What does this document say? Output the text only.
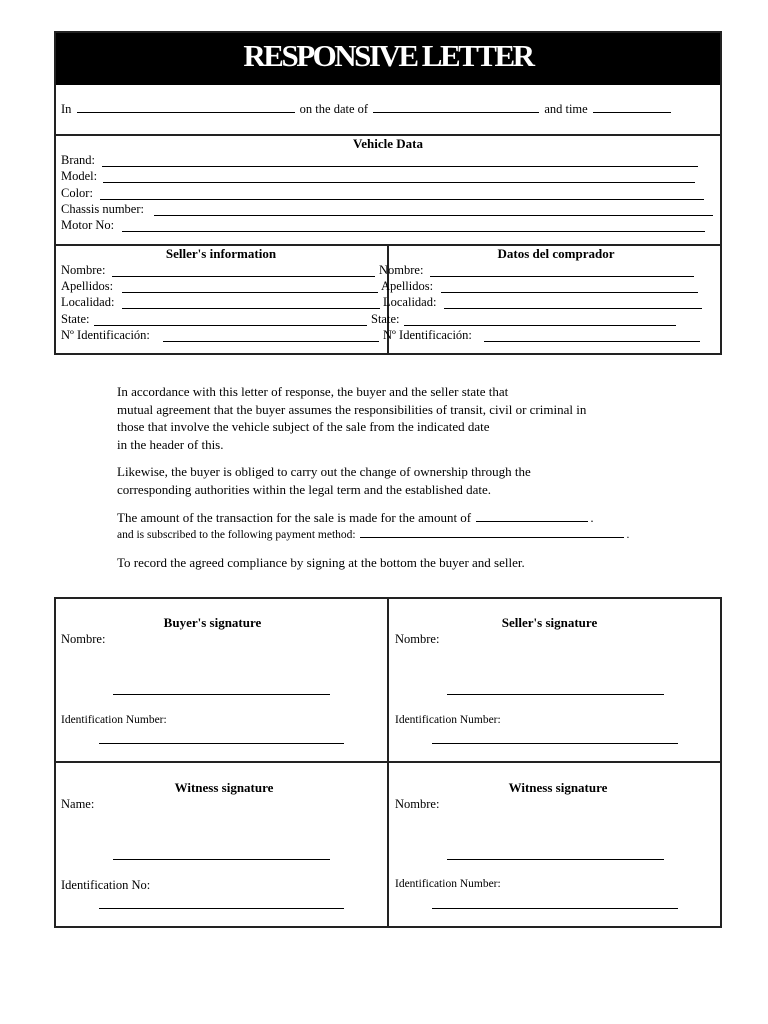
RESPONSIVE LETTER
In	on the date of	and time
Vehicle Data
Brand:
Model:
Color:
Chassis number:
Motor No:
Seller's information
Nombre:
Apellidos:
Localidad:
State:
Nº Identificación:
Datos del comprador
Nombre:
Apellidos:
Localidad:
State:
Nº Identificación:
In accordance with this letter of response, the buyer and the seller state that
mutual agreement that the buyer assumes the responsibilities of transit, civil or criminal in
those that involve the vehicle subject of the sale from the indicated date
in the header of this.
Likewise, the buyer is obliged to carry out the change of ownership through the
corresponding authorities within the legal term and the established date.
The amount of the transaction for the sale is made for the amount of	.
and is subscribed to the following payment method:	.
To record the agreed compliance by signing at the bottom the buyer and seller.
Buyer's signature
Nombre:
Identification Number:
Seller's signature
Nombre:
Identification Number:
Witness signature
Name:
Identification No:
Witness signature
Nombre:
Identification Number:
